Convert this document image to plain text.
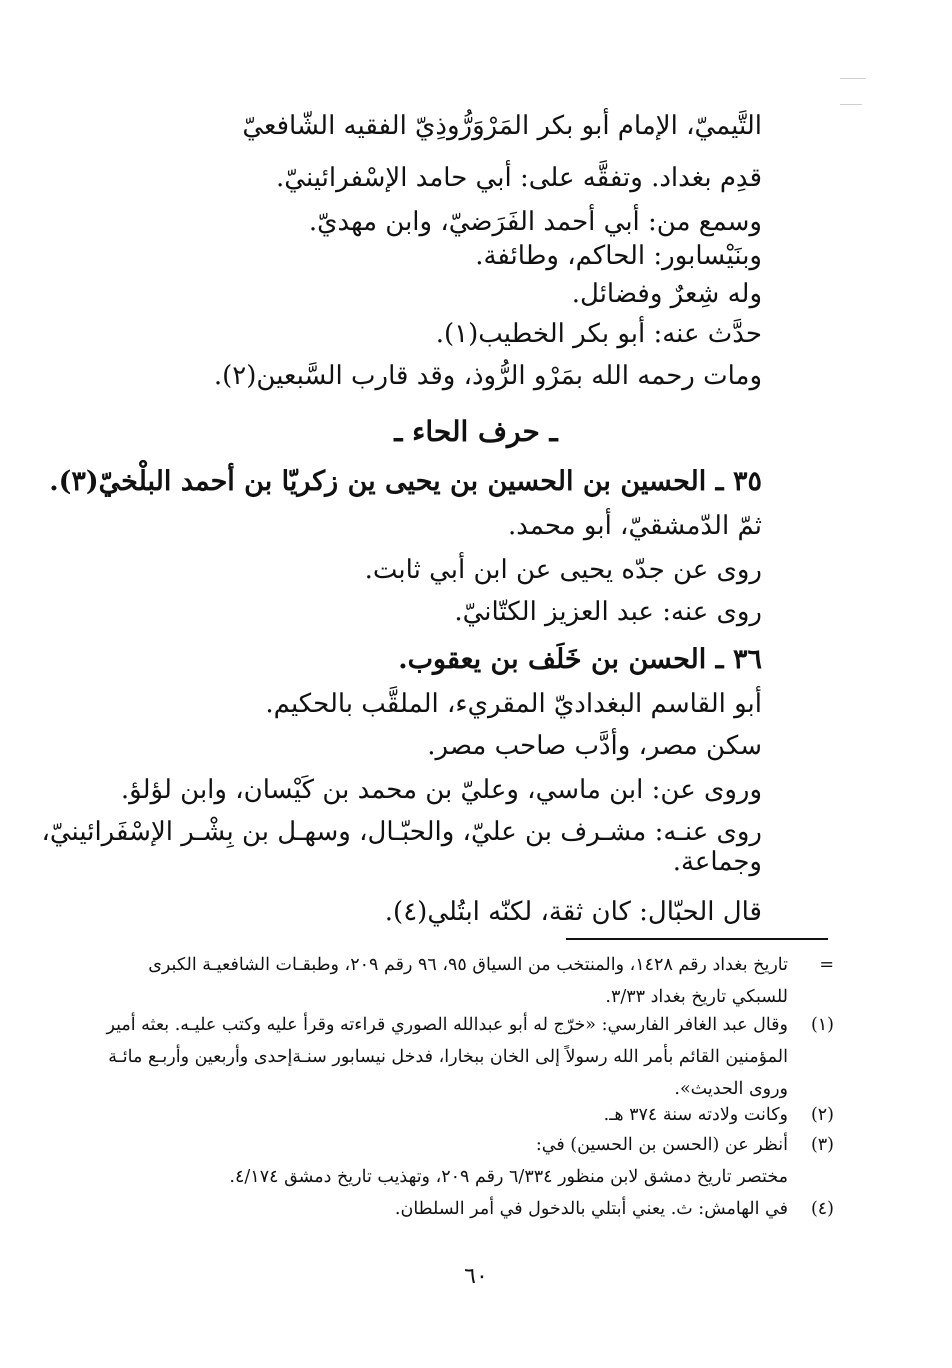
التَّيميّ، الإمام أبو بكر المَرْوَرُّوذِيّ الفقيه الشّافعيّ
قدِم بغداد. وتفقَّه على: أبي حامد الإسْفرائينيّ.
وسمع من: أبي أحمد الفَرَضيّ، وابن مهديّ.
وبنَيْسابور: الحاكم، وطائفة.
وله شِعرٌ وفضائل.
حدَّث عنه: أبو بكر الخطيب(١).
ومات رحمه الله بمَرْو الرُّوذ، وقد قارب السَّبعين(٢).
ـ حرف الحاء ـ
٣٥ ـ الحسين بن الحسين بن يحيى ين زكريّا بن أحمد البلْخيّ(٣).
ثمّ الدّمشقيّ، أبو محمد.
روى عن جدّه يحيى عن ابن أبي ثابت.
روى عنه: عبد العزيز الكتّانيّ.
٣٦ ـ الحسن بن خَلَف بن يعقوب.
أبو القاسم البغداديّ المقريء، الملقَّب بالحكيم.
سكن مصر، وأدَّب صاحب مصر.
وروى عن: ابن ماسي، وعليّ بن محمد بن كَيْسان، وابن لؤلؤ.
روى عنـه: مشـرف بن عليّ، والحبّـال، وسهـل بن بِشْـر الإسْفَرائينيّ،
وجماعة.
قال الحبّال: كان ثقة، لكنّه ابتُلي(٤).
=
تاريخ بغداد رقم ١٤٢٨، والمنتخب من السياق ٩٥، ٩٦ رقم ٢٠٩، وطبقـات الشافعيـة الكبرى
للسبكي تاريخ بغداد ٣/٣٣.
(١)
وقال عبد الغافر الفارسي: «خرّج له أبو عبدالله الصوري قراءته وقرأ عليه وكتب عليـه. بعثه أمير
المؤمنين القائم بأمر الله رسولاً إلى الخان ببخارا، فدخل نيسابور سنـةإحدى وأربعين وأربـع مائـة
وروى الحديث».
(٢)
وكانت ولادته سنة ٣٧٤ هـ.
(٣)
أنظر عن (الحسن بن الحسين) في:
مختصر تاريخ دمشق لابن منظور ٦/٣٣٤ رقم ٢٠٩، وتهذيب تاريخ دمشق ٤/١٧٤.
(٤)
في الهامش: ث. يعني أبتلي بالدخول في أمر السلطان.
٦٠
